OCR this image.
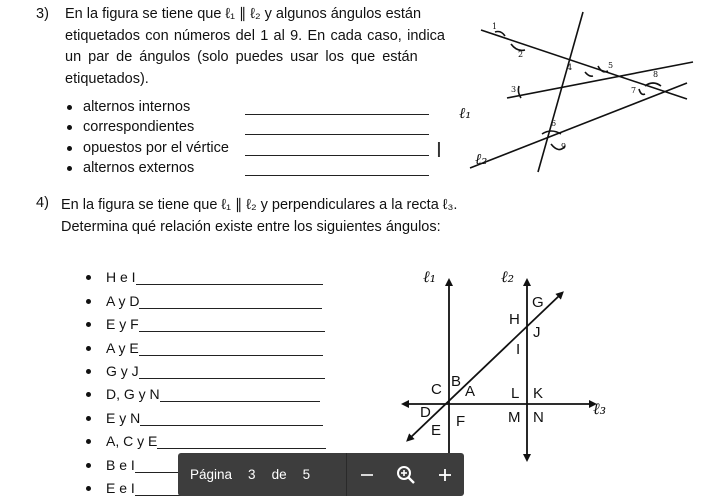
3) En la figura se tiene que ℓ₁ ∥ ℓ₂ y algunos ángulos están
etiquetados con números del 1 al 9. En cada caso, indica
un par de ángulos (solo puedes usar los que están
etiquetados).
alternos internos
correspondientes
opuestos por el vértice
alternos externos
I
1
2
3
4	5
6
7
8
9
ℓ₁
ℓ₂
4) En la figura se tiene que ℓ₁ ∥ ℓ₂ y perpendiculares a la recta ℓ₃.
Determina qué relación existe entre los siguientes ángulos:
H e I
A y D
E y F
A y E
G y J
D, G y N
E y N
A, C y E
B e I
E e I
ℓ₁	ℓ₂
ℓ₃
A
B
C
D
E
F
G
H
I
J
K
L
M N
Página 3 de 5
